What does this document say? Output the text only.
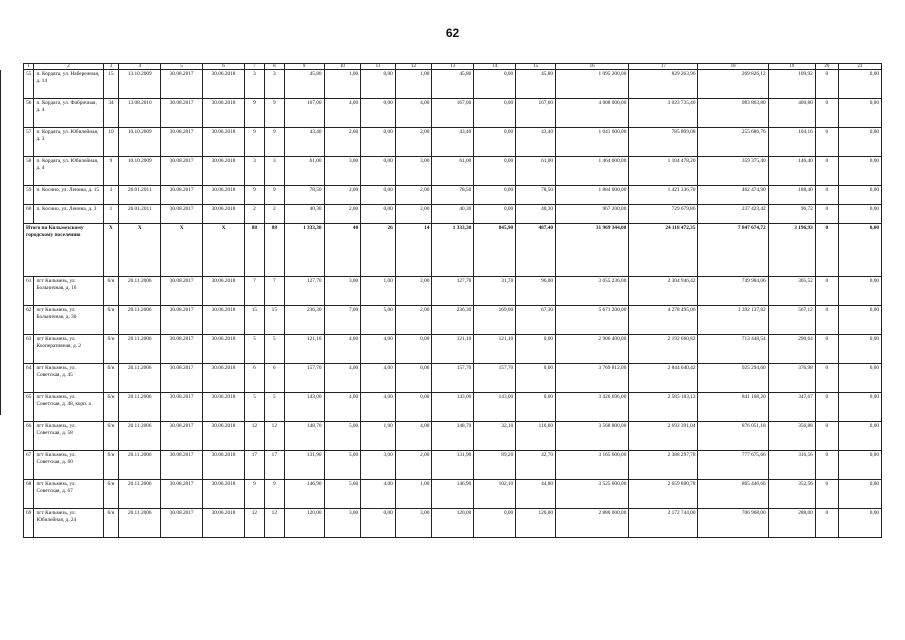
62
1	2	3	4	5	6	7	8	9	10	11	12	13	14	15	16	17	18	19	20	21
55	п. Кордяга, ул. Набережная, д. 14	15	13.10.2009	30.08.2017	30.06.2018	3	3	45,80	1,00	0,00	1,00	45,80	0,00	45,80	1 095 200,00	829 263,96	269 826,12	109,92	0	0,00
56	п. Кордяга, ул. Фабричная, д. 4	34	13.08.2010	30.08.2017	30.06.2018	9	9	167,00	4,00	0,00	4,00	167,00	0,00	167,00	4 008 000,00	3 023 735,40	983 863,80	400,80	0	0,00
57	п. Кордяга, ул. Юбилейная, д. 3	10	10.10.2009	30.08.2017	30.06.2018	9	9	43,40	2,00	0,00	2,00	43,40	0,00	43,40	1 041 600,00	785 809,08	255 686,76	104,16	0	0,00
58	п. Кордяга, ул. Юбилейная, д. 4	9	10.10.2009	30.08.2017	30.06.2018	3	3	61,00	3,00	0,00	3,00	61,00	0,00	61,00	1 464 000,00	1 104 478,20	359 375,40	146,40	0	0,00
59	п. Косино, ул. Ленина, д. 15	3	26.01.2011	30.08.2017	30.06.2018	9	9	78,50	2,00	0,00	2,00	78,50	0,00	78,50	1 884 000,00	1 421 336,70	462 474,90	188,40	0	0,00
60	п. Косино, ул. Ленина, д. 3	1	26.01.2011	30.08.2017	30.06.2018	2	2	40,30	2,00	0,00	2,00	40,30	0,00	40,30	967 200,00	729 679,86	237 423,42	96,72	0	0,00
Итого по Кильмезскому городскому поселению		X	X	X	X	88	88	1 333,30	40	26	14	1 333,30	845,90	487,40	31 969 344,00	24 118 472,35	7 847 674,72	3 196,93	0	0,00
61	пгт Кильмезь, ул. Больничная, д. 16	б/н	20.11.2006	30.08.2017	30.06.2018	7	7	127,70	3,00	1,00	2,00	127,70	31,70	96,00	3 055 236,00	2 304 946,42	749 984,06	305,52	0	0,00
62	пгт Кильмезь, ул. Больничная, д. 30	б/н	20.11.2006	30.08.2017	30.06.2018	15	15	236,30	7,00	5,00	2,00	236,30	169,00	67,30	5 671 200,00	4 278 495,06	1 392 137,82	567,12	0	0,00
63	пгт Кильмезь, ул. Кооперативная, д. 2	б/н	20.11.2006	30.08.2017	30.06.2018	5	5	121,10	4,00	4,00	0,00	121,10	121,10	0,00	2 906 400,00	2 192 660,82	713 448,54	290,64	0	0,00
64	пгт Кильмезь, ул. Советская, д. 45	б/н	20.11.2006	30.08.2017	30.06.2018	6	6	157,70	4,00	4,00	0,00	157,70	157,70	0,00	3 769 812,00	2 844 040,42	925 294,60	376,98	0	0,00
65	пгт Кильмезь, ул. Советская, д. 48, корп. а	б/н	20.11.2006	30.08.2017	30.06.2018	5	5	143,00	4,00	4,00	0,00	143,00	143,00	0,00	3 426 696,00	2 585 183,13	841 168,20	347,67	0	0,00
66	пгт Кильмезь, ул. Советская, д. 58	б/н	20.11.2006	30.08.2017	30.06.2018	12	12	148,70	5,00	1,00	4,00	148,70	32,10	116,60	3 568 800,00	2 692 391,04	876 051,18	356,88	0	0,00
67	пгт Кильмезь, ул. Советская, д. 60	б/н	20.11.2006	30.08.2017	30.06.2018	17	17	131,90	5,00	3,00	2,00	131,90	89,20	42,70	3 165 600,00	2 388 297,78	777 675,66	316,56	0	0,00
68	пгт Кильмезь, ул. Советская, д. 67	б/н	20.11.2006	30.08.2017	30.06.2018	9	9	146,90	5,00	4,00	1,00	146,90	102,10	44,80	3 525 600,00	2 659 800,78	865 446,66	352,56	0	0,00
69	пгт Кильмезь, ул. Юбилейная, д. 24	б/н	20.11.2006	30.08.2017	30.06.2018	12	12	120,00	3,00	0,00	3,00	120,00	0,00	120,00	2 880 000,00	2 172 744,00	706 968,00	288,00	0	0,00
